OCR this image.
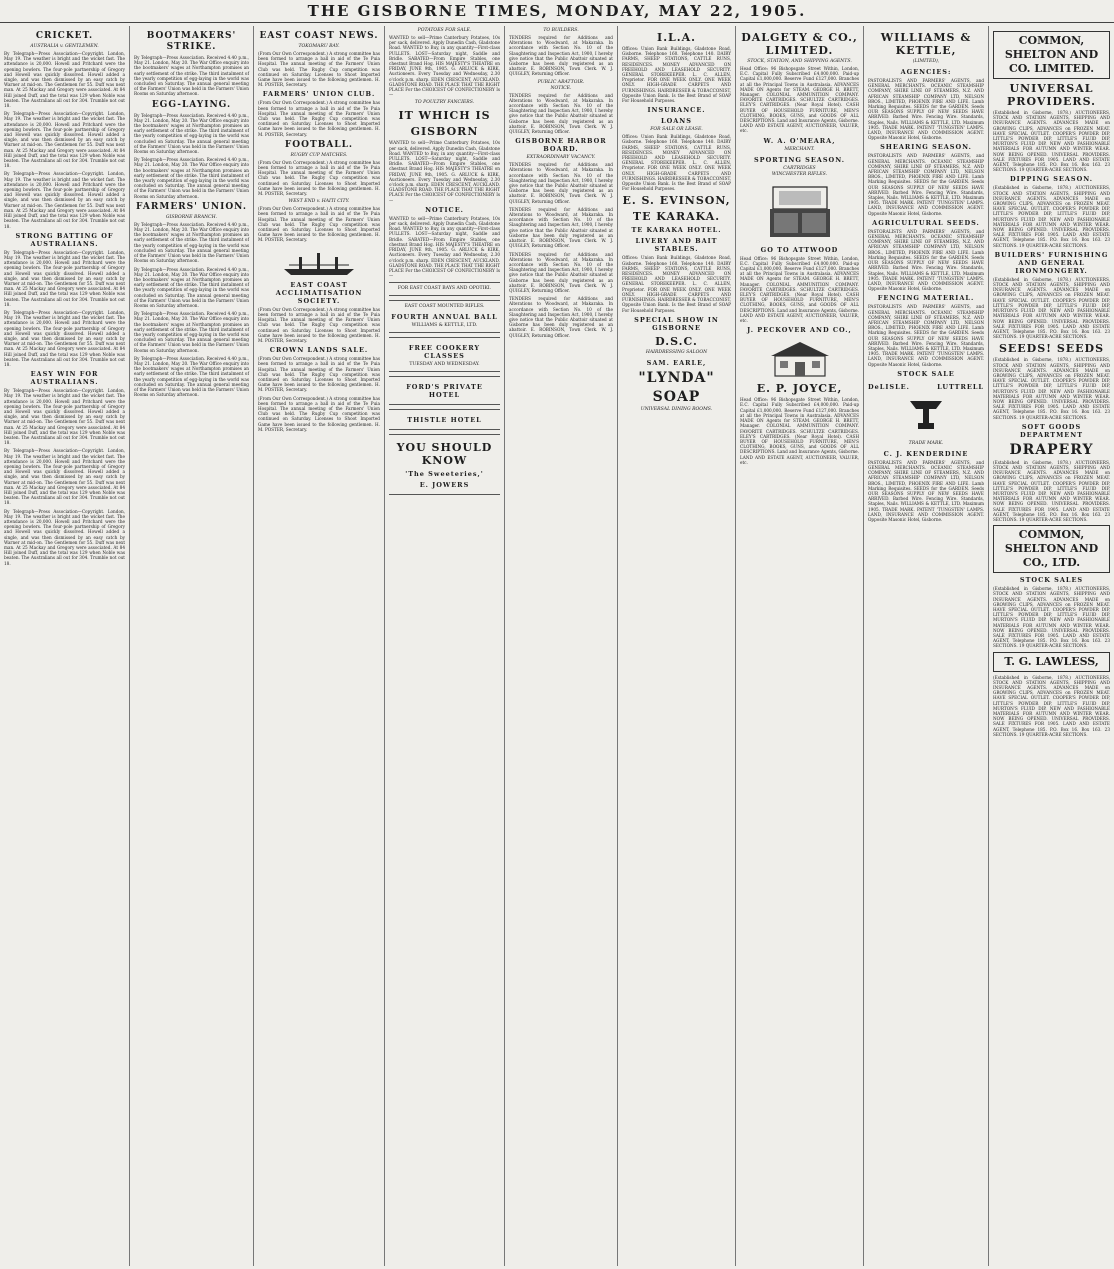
THE GISBORNE TIMES, MONDAY, MAY 22, 1905.
CRICKET.
AUSTRALIA v. GENTLEMEN.
By Telegraph—Press Association—Copyright. London, May 19. The weather is bright and the wicket fast. The attendance is 20,000. Howell and Pritchard were the opening bowlers. The four-pole partnership of Gregory and Howell was quickly dissolved. Howell added a single, and was then dismissed by an easy catch by Warner at mid-on. The Gentlemen for 55. Duff was next man. At 25 Mackay and Gregory were associated. At 84 Hill joined Duff, and the total was 129 when Noble was beaten. The Australians all out for 304. Trumble not out 18.
By Telegraph—Press Association—Copyright. London, May 19. The weather is bright and the wicket fast. The attendance is 20,000. Howell and Pritchard were the opening bowlers. The four-pole partnership of Gregory and Howell was quickly dissolved. Howell added a single, and was then dismissed by an easy catch by Warner at mid-on. The Gentlemen for 55. Duff was next man. At 25 Mackay and Gregory were associated. At 84 Hill joined Duff, and the total was 129 when Noble was beaten. The Australians all out for 304. Trumble not out 18.
By Telegraph—Press Association—Copyright. London, May 19. The weather is bright and the wicket fast. The attendance is 20,000. Howell and Pritchard were the opening bowlers. The four-pole partnership of Gregory and Howell was quickly dissolved. Howell added a single, and was then dismissed by an easy catch by Warner at mid-on. The Gentlemen for 55. Duff was next man. At 25 Mackay and Gregory were associated. At 84 Hill joined Duff, and the total was 129 when Noble was beaten. The Australians all out for 304. Trumble not out 18.
STRONG BATTING OF AUSTRALIANS.
By Telegraph—Press Association—Copyright. London, May 19. The weather is bright and the wicket fast. The attendance is 20,000. Howell and Pritchard were the opening bowlers. The four-pole partnership of Gregory and Howell was quickly dissolved. Howell added a single, and was then dismissed by an easy catch by Warner at mid-on. The Gentlemen for 55. Duff was next man. At 25 Mackay and Gregory were associated. At 84 Hill joined Duff, and the total was 129 when Noble was beaten. The Australians all out for 304. Trumble not out 18.
By Telegraph—Press Association—Copyright. London, May 19. The weather is bright and the wicket fast. The attendance is 20,000. Howell and Pritchard were the opening bowlers. The four-pole partnership of Gregory and Howell was quickly dissolved. Howell added a single, and was then dismissed by an easy catch by Warner at mid-on. The Gentlemen for 55. Duff was next man. At 25 Mackay and Gregory were associated. At 84 Hill joined Duff, and the total was 129 when Noble was beaten. The Australians all out for 304. Trumble not out 18.
EASY WIN FOR AUSTRALIANS.
By Telegraph—Press Association—Copyright. London, May 19. The weather is bright and the wicket fast. The attendance is 20,000. Howell and Pritchard were the opening bowlers. The four-pole partnership of Gregory and Howell was quickly dissolved. Howell added a single, and was then dismissed by an easy catch by Warner at mid-on. The Gentlemen for 55. Duff was next man. At 25 Mackay and Gregory were associated. At 84 Hill joined Duff, and the total was 129 when Noble was beaten. The Australians all out for 304. Trumble not out 18.
By Telegraph—Press Association—Copyright. London, May 19. The weather is bright and the wicket fast. The attendance is 20,000. Howell and Pritchard were the opening bowlers. The four-pole partnership of Gregory and Howell was quickly dissolved. Howell added a single, and was then dismissed by an easy catch by Warner at mid-on. The Gentlemen for 55. Duff was next man. At 25 Mackay and Gregory were associated. At 84 Hill joined Duff, and the total was 129 when Noble was beaten. The Australians all out for 304. Trumble not out 18.
By Telegraph—Press Association—Copyright. London, May 19. The weather is bright and the wicket fast. The attendance is 20,000. Howell and Pritchard were the opening bowlers. The four-pole partnership of Gregory and Howell was quickly dissolved. Howell added a single, and was then dismissed by an easy catch by Warner at mid-on. The Gentlemen for 55. Duff was next man. At 25 Mackay and Gregory were associated. At 84 Hill joined Duff, and the total was 129 when Noble was beaten. The Australians all out for 304. Trumble not out 18.
BOOTMAKERS' STRIKE.
By Telegraph—Press Association. Received 4.40 p.m., May 21. London, May 20. The War Office enquiry into the bootmakers' wages at Northampton promises an early settlement of the strike. The third instalment of the yearly competition of egg-laying in the world was concluded on Saturday. The annual general meeting of the Farmers' Union was held in the Farmers' Union Rooms on Saturday afternoon.
EGG-LAYING.
By Telegraph—Press Association. Received 4.40 p.m., May 21. London, May 20. The War Office enquiry into the bootmakers' wages at Northampton promises an early settlement of the strike. The third instalment of the yearly competition of egg-laying in the world was concluded on Saturday. The annual general meeting of the Farmers' Union was held in the Farmers' Union Rooms on Saturday afternoon.
By Telegraph—Press Association. Received 4.40 p.m., May 21. London, May 20. The War Office enquiry into the bootmakers' wages at Northampton promises an early settlement of the strike. The third instalment of the yearly competition of egg-laying in the world was concluded on Saturday. The annual general meeting of the Farmers' Union was held in the Farmers' Union Rooms on Saturday afternoon.
FARMERS' UNION.
GISBORNE BRANCH.
By Telegraph—Press Association. Received 4.40 p.m., May 21. London, May 20. The War Office enquiry into the bootmakers' wages at Northampton promises an early settlement of the strike. The third instalment of the yearly competition of egg-laying in the world was concluded on Saturday. The annual general meeting of the Farmers' Union was held in the Farmers' Union Rooms on Saturday afternoon.
By Telegraph—Press Association. Received 4.40 p.m., May 21. London, May 20. The War Office enquiry into the bootmakers' wages at Northampton promises an early settlement of the strike. The third instalment of the yearly competition of egg-laying in the world was concluded on Saturday. The annual general meeting of the Farmers' Union was held in the Farmers' Union Rooms on Saturday afternoon.
By Telegraph—Press Association. Received 4.40 p.m., May 21. London, May 20. The War Office enquiry into the bootmakers' wages at Northampton promises an early settlement of the strike. The third instalment of the yearly competition of egg-laying in the world was concluded on Saturday. The annual general meeting of the Farmers' Union was held in the Farmers' Union Rooms on Saturday afternoon.
By Telegraph—Press Association. Received 4.40 p.m., May 21. London, May 20. The War Office enquiry into the bootmakers' wages at Northampton promises an early settlement of the strike. The third instalment of the yearly competition of egg-laying in the world was concluded on Saturday. The annual general meeting of the Farmers' Union was held in the Farmers' Union Rooms on Saturday afternoon.
EAST COAST NEWS.
TOKOMARU BAY.
(From Our Own Correspondent.) A strong committee has been formed to arrange a ball in aid of the Te Puia Hospital. The annual meeting of the Farmers' Union Club was held. The Rugby Cup competition was continued on Saturday. Licenses to Shoot Imported Game have been issued to the following gentlemen. H. M. POSTER, Secretary.
FARMERS' UNION CLUB.
(From Our Own Correspondent.) A strong committee has been formed to arrange a ball in aid of the Te Puia Hospital. The annual meeting of the Farmers' Union Club was held. The Rugby Cup competition was continued on Saturday. Licenses to Shoot Imported Game have been issued to the following gentlemen. H. M. POSTER, Secretary.
FOOTBALL.
RUGBY CUP MATCHES.
(From Our Own Correspondent.) A strong committee has been formed to arrange a ball in aid of the Te Puia Hospital. The annual meeting of the Farmers' Union Club was held. The Rugby Cup competition was continued on Saturday. Licenses to Shoot Imported Game have been issued to the following gentlemen. H. M. POSTER, Secretary.
WEST END v. HAITI CITY.
(From Our Own Correspondent.) A strong committee has been formed to arrange a ball in aid of the Te Puia Hospital. The annual meeting of the Farmers' Union Club was held. The Rugby Cup competition was continued on Saturday. Licenses to Shoot Imported Game have been issued to the following gentlemen. H. M. POSTER, Secretary.
EAST COAST ACCLIMATISATION SOCIETY.
(From Our Own Correspondent.) A strong committee has been formed to arrange a ball in aid of the Te Puia Hospital. The annual meeting of the Farmers' Union Club was held. The Rugby Cup competition was continued on Saturday. Licenses to Shoot Imported Game have been issued to the following gentlemen. H. M. POSTER, Secretary.
CROWN LANDS SALE.
(From Our Own Correspondent.) A strong committee has been formed to arrange a ball in aid of the Te Puia Hospital. The annual meeting of the Farmers' Union Club was held. The Rugby Cup competition was continued on Saturday. Licenses to Shoot Imported Game have been issued to the following gentlemen. H. M. POSTER, Secretary.
(From Our Own Correspondent.) A strong committee has been formed to arrange a ball in aid of the Te Puia Hospital. The annual meeting of the Farmers' Union Club was held. The Rugby Cup competition was continued on Saturday. Licenses to Shoot Imported Game have been issued to the following gentlemen. H. M. POSTER, Secretary.
POTATOES FOR SALE.
WANTED to sell—Prime Canterbury Potatoes, 10s per sack, delivered. Apply Dunedin Cash, Gladstone Road. WANTED to Buy, in any quantity—First-class PULLETS. LOST—Saturday night, Saddle and Bridle. SABATED—From Empire Stables, one chestnut Brand Hog. HIS MAJESTY'S THEATRE on FRIDAY, JUNE 9th, 1905. G. ARLUCK & KIRK, Auctioneers. Every Tuesday and Wednesday, 2.30 o'clock p.m. sharp. EDEN CRESCENT, AUCKLAND. GLADSTONE ROAD. THE PLACE THAT THE RIGHT PLACE For the CHOICEST OF CONFECTIONERY Is—
TO POULTRY FANCIERS.
IT WHICH IS
GISBORN
WANTED to sell—Prime Canterbury Potatoes, 10s per sack, delivered. Apply Dunedin Cash, Gladstone Road. WANTED to Buy, in any quantity—First-class PULLETS. LOST—Saturday night, Saddle and Bridle. SABATED—From Empire Stables, one chestnut Brand Hog. HIS MAJESTY'S THEATRE on FRIDAY, JUNE 9th, 1905. G. ARLUCK & KIRK, Auctioneers. Every Tuesday and Wednesday, 2.30 o'clock p.m. sharp. EDEN CRESCENT, AUCKLAND. GLADSTONE ROAD. THE PLACE THAT THE RIGHT PLACE For the CHOICEST OF CONFECTIONERY Is—
NOTICE.
WANTED to sell—Prime Canterbury Potatoes, 10s per sack, delivered. Apply Dunedin Cash, Gladstone Road. WANTED to Buy, in any quantity—First-class PULLETS. LOST—Saturday night, Saddle and Bridle. SABATED—From Empire Stables, one chestnut Brand Hog. HIS MAJESTY'S THEATRE on FRIDAY, JUNE 9th, 1905. G. ARLUCK & KIRK, Auctioneers. Every Tuesday and Wednesday, 2.30 o'clock p.m. sharp. EDEN CRESCENT, AUCKLAND. GLADSTONE ROAD. THE PLACE THAT THE RIGHT PLACE For the CHOICEST OF CONFECTIONERY Is—
FOR EAST COAST BAYS AND OPOTIKI.
EAST COAST MOUNTED RIFLES.
FOURTH ANNUAL BALL
WILLIAMS & KETTLE, LTD.
FREE COOKERY CLASSES
TUESDAY AND WEDNESDAY.
FORD'S PRIVATE HOTEL
THISTLE HOTEL
YOU SHOULD KNOW
'The Sweeteries,'
E. JOWERS
TO BUILDERS.
TENDERS required for Additions and Alterations to Woodward, at Makaraka. In accordance with Section No. 10 of the Slaughtering and Inspection Act, 1900, I hereby give notice that the Public Abattoir situated at Gisborne has been duly registered as an abattoir. E. ROBINSON, Town Clerk. W. J. QUIGLEY, Returning Officer.
PUBLIC ABATTOIR.
NOTICE.
TENDERS required for Additions and Alterations to Woodward, at Makaraka. In accordance with Section No. 10 of the Slaughtering and Inspection Act, 1900, I hereby give notice that the Public Abattoir situated at Gisborne has been duly registered as an abattoir. E. ROBINSON, Town Clerk. W. J. QUIGLEY, Returning Officer.
GISBORNE HARBOR BOARD.
EXTRAORDINARY VACANCY.
TENDERS required for Additions and Alterations to Woodward, at Makaraka. In accordance with Section No. 10 of the Slaughtering and Inspection Act, 1900, I hereby give notice that the Public Abattoir situated at Gisborne has been duly registered as an abattoir. E. ROBINSON, Town Clerk. W. J. QUIGLEY, Returning Officer.
TENDERS required for Additions and Alterations to Woodward, at Makaraka. In accordance with Section No. 10 of the Slaughtering and Inspection Act, 1900, I hereby give notice that the Public Abattoir situated at Gisborne has been duly registered as an abattoir. E. ROBINSON, Town Clerk. W. J. QUIGLEY, Returning Officer.
TENDERS required for Additions and Alterations to Woodward, at Makaraka. In accordance with Section No. 10 of the Slaughtering and Inspection Act, 1900, I hereby give notice that the Public Abattoir situated at Gisborne has been duly registered as an abattoir. E. ROBINSON, Town Clerk. W. J. QUIGLEY, Returning Officer.
TENDERS required for Additions and Alterations to Woodward, at Makaraka. In accordance with Section No. 10 of the Slaughtering and Inspection Act, 1900, I hereby give notice that the Public Abattoir situated at Gisborne has been duly registered as an abattoir. E. ROBINSON, Town Clerk. W. J. QUIGLEY, Returning Officer.
I.L.A.
Offices: Union Bank Buildings, Gladstone Road, Gisborne. Telephone 160. Telephone 140. DAIRY FARMS, SHEEP STATIONS, CATTLE RUNS, RESIDENCES. MONEY ADVANCED ON FREEHOLD AND LEASEHOLD SECURITY. GENERAL STOREKEEPER. L. C. ALLEN, Proprietor. FOR ONE WEEK ONLY. ONE WEEK ONLY. HIGH-GRADE CARPETS AND FURNISHINGS. HAIRDRESSER & TOBACCONIST, Opposite Union Bank. Is the Best Brand of SOAP For Household Purposes.
INSURANCE.
LOANS
FOR SALE OR LEASE.
Offices: Union Bank Buildings, Gladstone Road, Gisborne. Telephone 160. Telephone 140. DAIRY FARMS, SHEEP STATIONS, CATTLE RUNS, RESIDENCES. MONEY ADVANCED ON FREEHOLD AND LEASEHOLD SECURITY. GENERAL STOREKEEPER. L. C. ALLEN, Proprietor. FOR ONE WEEK ONLY. ONE WEEK ONLY. HIGH-GRADE CARPETS AND FURNISHINGS. HAIRDRESSER & TOBACCONIST, Opposite Union Bank. Is the Best Brand of SOAP For Household Purposes.
E. S. EVINSON,
TE KARAKA.
TE KARAKA HOTEL.
LIVERY AND BAIT STABLES.
Offices: Union Bank Buildings, Gladstone Road, Gisborne. Telephone 160. Telephone 140. DAIRY FARMS, SHEEP STATIONS, CATTLE RUNS, RESIDENCES. MONEY ADVANCED ON FREEHOLD AND LEASEHOLD SECURITY. GENERAL STOREKEEPER. L. C. ALLEN, Proprietor. FOR ONE WEEK ONLY. ONE WEEK ONLY. HIGH-GRADE CARPETS AND FURNISHINGS. HAIRDRESSER & TOBACCONIST, Opposite Union Bank. Is the Best Brand of SOAP For Household Purposes.
SPECIAL SHOW IN GISBORNE
D.S.C.
HAIRDRESSING SALOON
SAM. EARLE,
"LYNDA"
SOAP
UNIVERSAL DINING ROOMS.
DALGETY & CO., LIMITED.
STOCK, STATION, AND SHIPPING AGENTS.
Head Office: 96 Bishopsgate Street Within, London, E.C. Capital Fully Subscribed £4,000,000. Paid-up Capital £1,000,000. Reserve Fund £127,000. Branches at all the Principal Towns in Australasia. ADVANCES MADE ON Agents for STEAM. GEORGE H. BRETT, Manager. COLONIAL AMMUNITION COMPANY. FAVORITE CARTRIDGES. SCHULTZE CARTRIDGES. ELEY'S CARTRIDGES. (Near Royal Hotel). CASH BUYER OF HOUSEHOLD FURNITURE, MEN'S CLOTHING, BOOKS, GUNS, and GOODS OF ALL DESCRIPTIONS. Land and Insurance Agents, Gisborne. LAND AND ESTATE AGENT, AUCTIONEER, VALUER, etc.
W. A. O'MEARA,
MERCHANT.
SPORTING SEASON.
CARTRIDGES
WINCHESTER RIFLES.
GO TO ATTWOOD
Head Office: 96 Bishopsgate Street Within, London, E.C. Capital Fully Subscribed £4,000,000. Paid-up Capital £1,000,000. Reserve Fund £127,000. Branches at all the Principal Towns in Australasia. ADVANCES MADE ON Agents for STEAM. GEORGE H. BRETT, Manager. COLONIAL AMMUNITION COMPANY. FAVORITE CARTRIDGES. SCHULTZE CARTRIDGES. ELEY'S CARTRIDGES. (Near Royal Hotel). CASH BUYER OF HOUSEHOLD FURNITURE, MEN'S CLOTHING, BOOKS, GUNS, and GOODS OF ALL DESCRIPTIONS. Land and Insurance Agents, Gisborne. LAND AND ESTATE AGENT, AUCTIONEER, VALUER, etc.
J. PECKOVER AND CO.,
E. P. JOYCE,
Head Office: 96 Bishopsgate Street Within, London, E.C. Capital Fully Subscribed £4,000,000. Paid-up Capital £1,000,000. Reserve Fund £127,000. Branches at all the Principal Towns in Australasia. ADVANCES MADE ON Agents for STEAM. GEORGE H. BRETT, Manager. COLONIAL AMMUNITION COMPANY. FAVORITE CARTRIDGES. SCHULTZE CARTRIDGES. ELEY'S CARTRIDGES. (Near Royal Hotel). CASH BUYER OF HOUSEHOLD FURNITURE, MEN'S CLOTHING, BOOKS, GUNS, and GOODS OF ALL DESCRIPTIONS. Land and Insurance Agents, Gisborne. LAND AND ESTATE AGENT, AUCTIONEER, VALUER, etc.
WILLIAMS & KETTLE,
(LIMITED),
AGENCIES:
PASTORALISTS AND FARMERS' AGENTS, and GENERAL MERCHANTS. OCEANIC STEAMSHIP COMPANY, SHIRE LINE OF STEAMERS, N.Z. AND AFRICAN STEAMSHIP COMPANY LTD, NELSON BROS., LIMITED, PHOENIX FIRE AND LIFE. Lamb Marking Requisites. SEEDS for the GARDEN. Seeds OUR SEASONS SUPPLY OF NEW SEEDS HAVE ARRIVED. Barbed Wire. Fencing Wire. Standards, Staples, Nails. WILLIAMS & KETTLE, LTD. Maximum 1905. TRADE MARK. PATENT 'TUNGSTEN' LAMPS. LAND, INSURANCE AND COMMISSION AGENT. Opposite Masonic Hotel, Gisborne.
SHEARING SEASON.
PASTORALISTS AND FARMERS' AGENTS, and GENERAL MERCHANTS. OCEANIC STEAMSHIP COMPANY, SHIRE LINE OF STEAMERS, N.Z. AND AFRICAN STEAMSHIP COMPANY LTD, NELSON BROS., LIMITED, PHOENIX FIRE AND LIFE. Lamb Marking Requisites. SEEDS for the GARDEN. Seeds OUR SEASONS SUPPLY OF NEW SEEDS HAVE ARRIVED. Barbed Wire. Fencing Wire. Standards, Staples, Nails. WILLIAMS & KETTLE, LTD. Maximum 1905. TRADE MARK. PATENT 'TUNGSTEN' LAMPS. LAND, INSURANCE AND COMMISSION AGENT. Opposite Masonic Hotel, Gisborne.
AGRICULTURAL SEEDS.
PASTORALISTS AND FARMERS' AGENTS, and GENERAL MERCHANTS. OCEANIC STEAMSHIP COMPANY, SHIRE LINE OF STEAMERS, N.Z. AND AFRICAN STEAMSHIP COMPANY LTD, NELSON BROS., LIMITED, PHOENIX FIRE AND LIFE. Lamb Marking Requisites. SEEDS for the GARDEN. Seeds OUR SEASONS SUPPLY OF NEW SEEDS HAVE ARRIVED. Barbed Wire. Fencing Wire. Standards, Staples, Nails. WILLIAMS & KETTLE, LTD. Maximum 1905. TRADE MARK. PATENT 'TUNGSTEN' LAMPS. LAND, INSURANCE AND COMMISSION AGENT. Opposite Masonic Hotel, Gisborne.
FENCING MATERIAL.
PASTORALISTS AND FARMERS' AGENTS, and GENERAL MERCHANTS. OCEANIC STEAMSHIP COMPANY, SHIRE LINE OF STEAMERS, N.Z. AND AFRICAN STEAMSHIP COMPANY LTD, NELSON BROS., LIMITED, PHOENIX FIRE AND LIFE. Lamb Marking Requisites. SEEDS for the GARDEN. Seeds OUR SEASONS SUPPLY OF NEW SEEDS HAVE ARRIVED. Barbed Wire. Fencing Wire. Standards, Staples, Nails. WILLIAMS & KETTLE, LTD. Maximum 1905. TRADE MARK. PATENT 'TUNGSTEN' LAMPS. LAND, INSURANCE AND COMMISSION AGENT. Opposite Masonic Hotel, Gisborne.
STOCK SALE
DeLISLE.	LUTTRELL
TRADE MARK.
C. J. KENDERDINE
PASTORALISTS AND FARMERS' AGENTS, and GENERAL MERCHANTS. OCEANIC STEAMSHIP COMPANY, SHIRE LINE OF STEAMERS, N.Z. AND AFRICAN STEAMSHIP COMPANY LTD, NELSON BROS., LIMITED, PHOENIX FIRE AND LIFE. Lamb Marking Requisites. SEEDS for the GARDEN. Seeds OUR SEASONS SUPPLY OF NEW SEEDS HAVE ARRIVED. Barbed Wire. Fencing Wire. Standards, Staples, Nails. WILLIAMS & KETTLE, LTD. Maximum 1905. TRADE MARK. PATENT 'TUNGSTEN' LAMPS. LAND, INSURANCE AND COMMISSION AGENT. Opposite Masonic Hotel, Gisborne.
COMMON, SHELTON AND CO. LIMITED.
UNIVERSAL PROVIDERS.
(Established in Gisborne, 1878.) AUCTIONEERS, STOCK AND STATION AGENTS, SHIPPING AND INSURANCE AGENTS. ADVANCES MADE on GROWING CLIPS, ADVANCES on FROZEN MEAT. HAVE SPECIAL OUTLET. COOPER'S POWDER DIP, LITTLE'S POWDER DIP, LITTLE'S FLUID DIP, MURTON'S FLUID DIP. NEW AND FASHIONABLE MATERIALS FOR AUTUMN AND WINTER WEAR. NOW BEING OPENED. UNIVERSAL PROVIDERS. SALE FIXTURES FOR 1905. LAND AND ESTATE AGENT, Telephone 185. P.O. Box 16. Box 163. 23 SECTIONS. 19 QUARTER-ACRE SECTIONS.
DIPPING SEASON.
(Established in Gisborne, 1878.) AUCTIONEERS, STOCK AND STATION AGENTS, SHIPPING AND INSURANCE AGENTS. ADVANCES MADE on GROWING CLIPS, ADVANCES on FROZEN MEAT. HAVE SPECIAL OUTLET. COOPER'S POWDER DIP, LITTLE'S POWDER DIP, LITTLE'S FLUID DIP, MURTON'S FLUID DIP. NEW AND FASHIONABLE MATERIALS FOR AUTUMN AND WINTER WEAR. NOW BEING OPENED. UNIVERSAL PROVIDERS. SALE FIXTURES FOR 1905. LAND AND ESTATE AGENT, Telephone 185. P.O. Box 16. Box 163. 23 SECTIONS. 19 QUARTER-ACRE SECTIONS.
BUILDERS' FURNISHING AND GENERAL IRONMONGERY.
(Established in Gisborne, 1878.) AUCTIONEERS, STOCK AND STATION AGENTS, SHIPPING AND INSURANCE AGENTS. ADVANCES MADE on GROWING CLIPS, ADVANCES on FROZEN MEAT. HAVE SPECIAL OUTLET. COOPER'S POWDER DIP, LITTLE'S POWDER DIP, LITTLE'S FLUID DIP, MURTON'S FLUID DIP. NEW AND FASHIONABLE MATERIALS FOR AUTUMN AND WINTER WEAR. NOW BEING OPENED. UNIVERSAL PROVIDERS. SALE FIXTURES FOR 1905. LAND AND ESTATE AGENT, Telephone 185. P.O. Box 16. Box 163. 23 SECTIONS. 19 QUARTER-ACRE SECTIONS.
SEEDS! SEEDS
(Established in Gisborne, 1878.) AUCTIONEERS, STOCK AND STATION AGENTS, SHIPPING AND INSURANCE AGENTS. ADVANCES MADE on GROWING CLIPS, ADVANCES on FROZEN MEAT. HAVE SPECIAL OUTLET. COOPER'S POWDER DIP, LITTLE'S POWDER DIP, LITTLE'S FLUID DIP, MURTON'S FLUID DIP. NEW AND FASHIONABLE MATERIALS FOR AUTUMN AND WINTER WEAR. NOW BEING OPENED. UNIVERSAL PROVIDERS. SALE FIXTURES FOR 1905. LAND AND ESTATE AGENT, Telephone 185. P.O. Box 16. Box 163. 23 SECTIONS. 19 QUARTER-ACRE SECTIONS.
SOFT GOODS DEPARTMENT
DRAPERY
(Established in Gisborne, 1878.) AUCTIONEERS, STOCK AND STATION AGENTS, SHIPPING AND INSURANCE AGENTS. ADVANCES MADE on GROWING CLIPS, ADVANCES on FROZEN MEAT. HAVE SPECIAL OUTLET. COOPER'S POWDER DIP, LITTLE'S POWDER DIP, LITTLE'S FLUID DIP, MURTON'S FLUID DIP. NEW AND FASHIONABLE MATERIALS FOR AUTUMN AND WINTER WEAR. NOW BEING OPENED. UNIVERSAL PROVIDERS. SALE FIXTURES FOR 1905. LAND AND ESTATE AGENT, Telephone 185. P.O. Box 16. Box 163. 23 SECTIONS. 19 QUARTER-ACRE SECTIONS.
COMMON, SHELTON AND CO., LTD.
STOCK SALES
(Established in Gisborne, 1878.) AUCTIONEERS, STOCK AND STATION AGENTS, SHIPPING AND INSURANCE AGENTS. ADVANCES MADE on GROWING CLIPS, ADVANCES on FROZEN MEAT. HAVE SPECIAL OUTLET. COOPER'S POWDER DIP, LITTLE'S POWDER DIP, LITTLE'S FLUID DIP, MURTON'S FLUID DIP. NEW AND FASHIONABLE MATERIALS FOR AUTUMN AND WINTER WEAR. NOW BEING OPENED. UNIVERSAL PROVIDERS. SALE FIXTURES FOR 1905. LAND AND ESTATE AGENT, Telephone 185. P.O. Box 16. Box 163. 23 SECTIONS. 19 QUARTER-ACRE SECTIONS.
T. G. LAWLESS,
(Established in Gisborne, 1878.) AUCTIONEERS, STOCK AND STATION AGENTS, SHIPPING AND INSURANCE AGENTS. ADVANCES MADE on GROWING CLIPS, ADVANCES on FROZEN MEAT. HAVE SPECIAL OUTLET. COOPER'S POWDER DIP, LITTLE'S POWDER DIP, LITTLE'S FLUID DIP, MURTON'S FLUID DIP. NEW AND FASHIONABLE MATERIALS FOR AUTUMN AND WINTER WEAR. NOW BEING OPENED. UNIVERSAL PROVIDERS. SALE FIXTURES FOR 1905. LAND AND ESTATE AGENT, Telephone 185. P.O. Box 16. Box 163. 23 SECTIONS. 19 QUARTER-ACRE SECTIONS.
